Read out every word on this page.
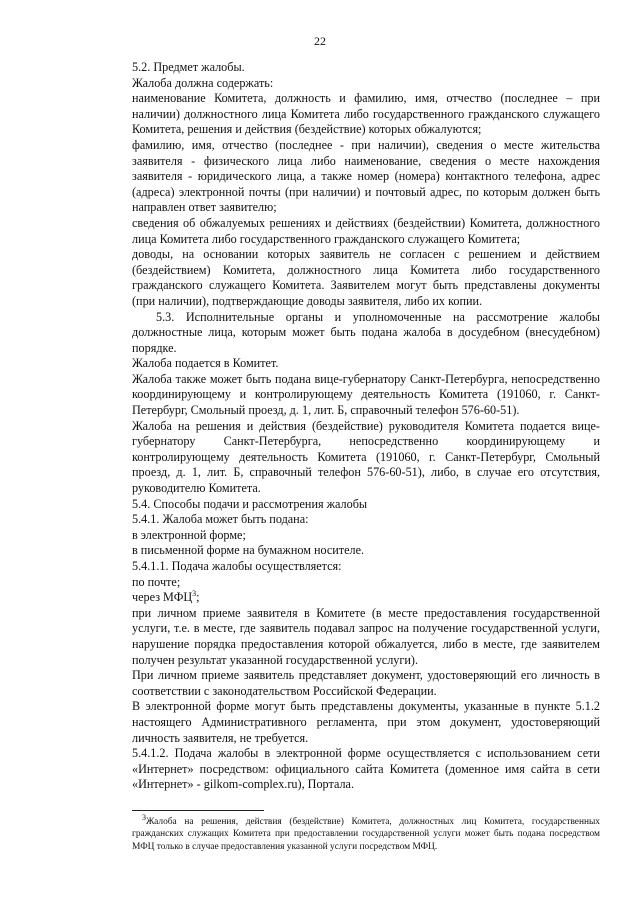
22

5.2. Предмет жалобы.

Жалоба должна содержать:

наименование Комитета, должность и фамилию, имя, отчество (последнее – при наличии) должностного лица Комитета либо государственного гражданского служащего Комитета, решения и действия (бездействие) которых обжалуются;

фамилию, имя, отчество (последнее - при наличии), сведения о месте жительства заявителя - физического лица либо наименование, сведения о месте нахождения заявителя - юридического лица, а также номер (номера) контактного телефона, адрес (адреса) электронной почты (при наличии) и почтовый адрес, по которым должен быть направлен ответ заявителю;

сведения об обжалуемых решениях и действиях (бездействии) Комитета, должностного лица Комитета либо государственного гражданского служащего Комитета;

доводы, на основании которых заявитель не согласен с решением и действием (бездействием) Комитета, должностного лица Комитета либо государственного гражданского служащего Комитета. Заявителем могут быть представлены документы (при наличии), подтверждающие доводы заявителя, либо их копии.

5.3. Исполнительные органы и уполномоченные на рассмотрение жалобы должностные лица, которым может быть подана жалоба в досудебном (внесудебном) порядке.

Жалоба подается в Комитет.

Жалоба также может быть подана вице-губернатору Санкт-Петербурга, непосредственно координирующему и контролирующему деятельность Комитета (191060, г. Санкт-Петербург, Смольный проезд, д. 1, лит. Б, справочный телефон 576-60-51).

Жалоба на решения и действия (бездействие) руководителя Комитета подается вице-губернатору Санкт-Петербурга, непосредственно координирующему и контролирующему деятельность Комитета (191060, г. Санкт-Петербург, Смольный проезд, д. 1, лит. Б, справочный телефон 576-60-51), либо, в случае его отсутствия, руководителю Комитета.

5.4. Способы подачи и рассмотрения жалобы

5.4.1. Жалоба может быть подана:

в электронной форме;

в письменной форме на бумажном носителе.

5.4.1.1. Подача жалобы осуществляется:

по почте;

через МФЦ$^3$;

при личном приеме заявителя в Комитете (в месте предоставления государственной услуги, т.е. в месте, где заявитель подавал запрос на получение государственной услуги, нарушение порядка предоставления которой обжалуется, либо в месте, где заявителем получен результат указанной государственной услуги).

При личном приеме заявитель представляет документ, удостоверяющий его личность в соответствии с законодательством Российской Федерации.

В электронной форме могут быть представлены документы, указанные в пункте 5.1.2 настоящего Административного регламента, при этом документ, удостоверяющий личность заявителя, не требуется.

5.4.1.2. Подача жалобы в электронной форме осуществляется с использованием сети «Интернет» посредством: официального сайта Комитета (доменное имя сайта в сети «Интернет» - gilkom-complex.ru), Портала.

$^3$Жалоба на решения, действия (бездействие) Комитета, должностных лиц Комитета, государственных гражданских служащих Комитета при предоставлении государственной услуги может быть подана посредством МФЦ только в случае предоставления указанной услуги посредством МФЦ.
